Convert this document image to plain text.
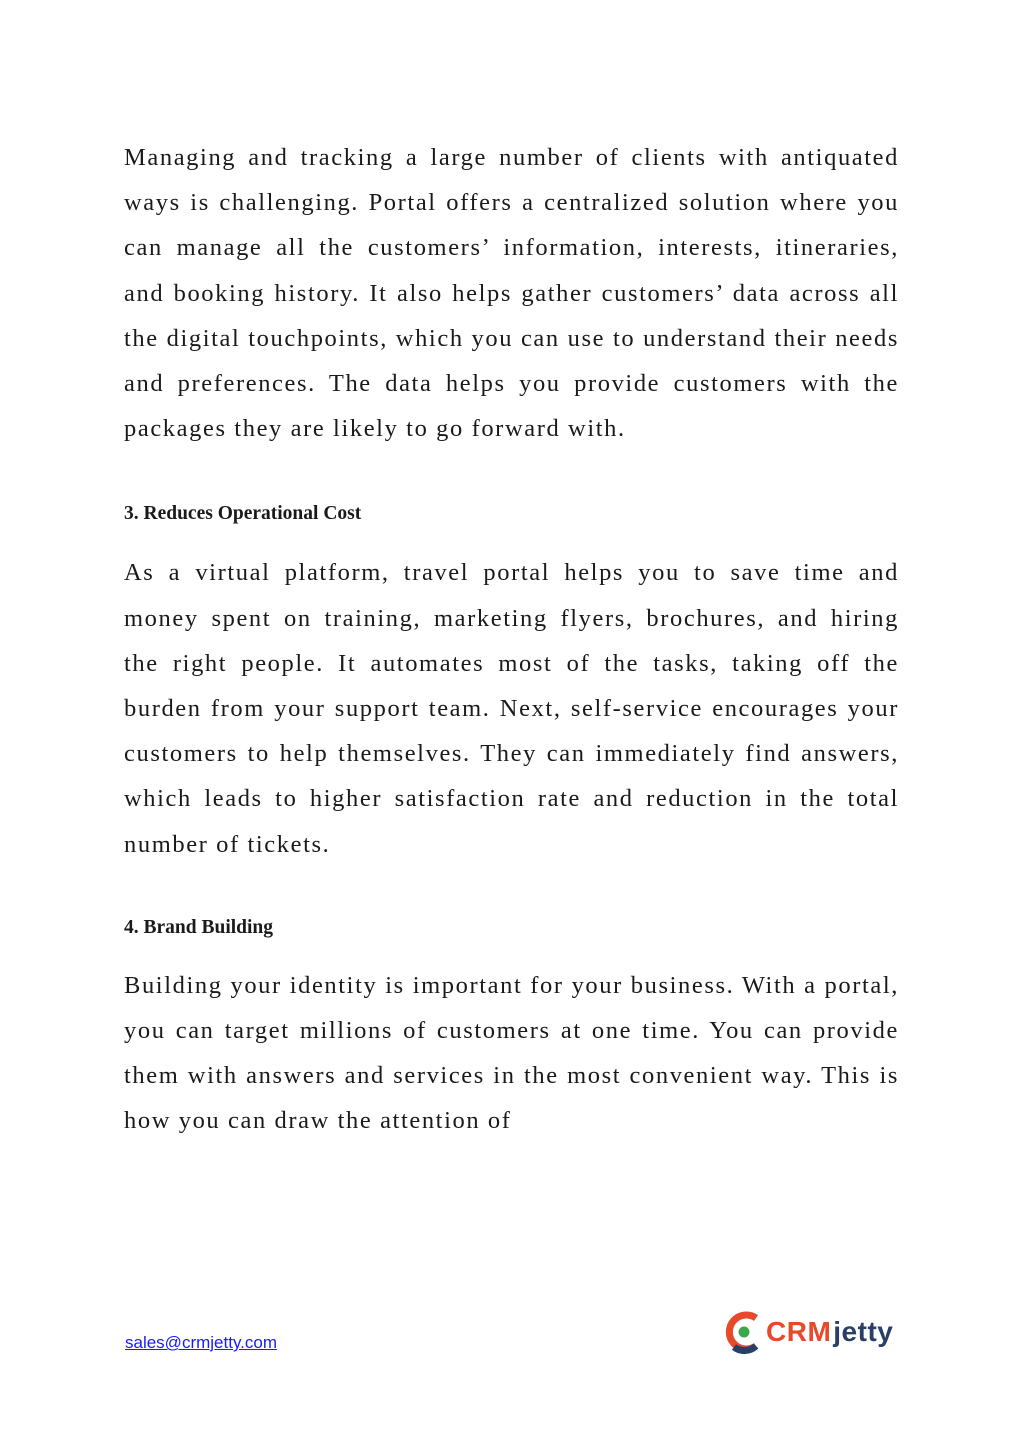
Managing and tracking a large number of clients with antiquated ways is challenging. Portal offers a centralized solution where you can manage all the customers’ information, interests, itineraries, and booking history. It also helps gather customers’ data across all the digital touchpoints, which you can use to understand their needs and preferences. The data helps you provide customers with the packages they are likely to go forward with.

3. Reduces Operational Cost

As a virtual platform, travel portal helps you to save time and money spent on training, marketing flyers, brochures, and hiring the right people. It automates most of the tasks, taking off the burden from your support team. Next, self-service encourages your customers to help themselves. They can immediately find answers, which leads to higher satisfaction rate and reduction in the total number of tickets.

4. Brand Building

Building your identity is important for your business. With a portal, you can target millions of customers at one time. You can provide them with answers and services in the most convenient way. This is how you can draw the attention of

sales@crmjetty.com	CRM jetty
